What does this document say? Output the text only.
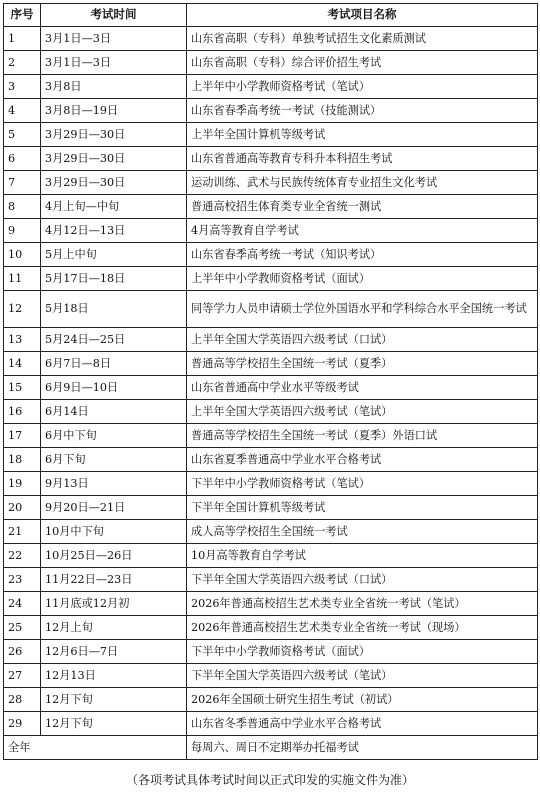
序号	考试时间	考试项目名称
1	3月1日—3日	山东省高职（专科）单独考试招生文化素质测试
2	3月1日—3日	山东省高职（专科）综合评价招生考试
3	3月8日	上半年中小学教师资格考试（笔试）
4	3月8日—19日	山东省春季高考统一考试（技能测试）
5	3月29日—30日	上半年全国计算机等级考试
6	3月29日—30日	山东省普通高等教育专科升本科招生考试
7	3月29日—30日	运动训练、武术与民族传统体育专业招生文化考试
8	4月上旬—中旬	普通高校招生体育类专业全省统一测试
9	4月12日—13日	4月高等教育自学考试
10	5月上中旬	山东省春季高考统一考试（知识考试）
11	5月17日—18日	上半年中小学教师资格考试（面试）
12	5月18日	同等学力人员申请硕士学位外国语水平和学科综合水平全国统一考试
13	5月24日—25日	上半年全国大学英语四六级考试（口试）
14	6月7日—8日	普通高等学校招生全国统一考试（夏季）
15	6月9日—10日	山东省普通高中学业水平等级考试
16	6月14日	上半年全国大学英语四六级考试（笔试）
17	6月中下旬	普通高等学校招生全国统一考试（夏季）外语口试
18	6月下旬	山东省夏季普通高中学业水平合格考试
19	9月13日	下半年中小学教师资格考试（笔试）
20	9月20日—21日	下半年全国计算机等级考试
21	10月中下旬	成人高等学校招生全国统一考试
22	10月25日—26日	10月高等教育自学考试
23	11月22日—23日	下半年全国大学英语四六级考试（口试）
24	11月底或12月初	2026年普通高校招生艺术类专业全省统一考试（笔试）
25	12月上旬	2026年普通高校招生艺术类专业全省统一考试（现场）
26	12月6日—7日	下半年中小学教师资格考试（面试）
27	12月13日	下半年全国大学英语四六级考试（笔试）
28	12月下旬	2026年全国硕士研究生招生考试（初试）
29	12月下旬	山东省冬季普通高中学业水平合格考试
全年		每周六、周日不定期举办托福考试
（各项考试具体考试时间以正式印发的实施文件为准）
